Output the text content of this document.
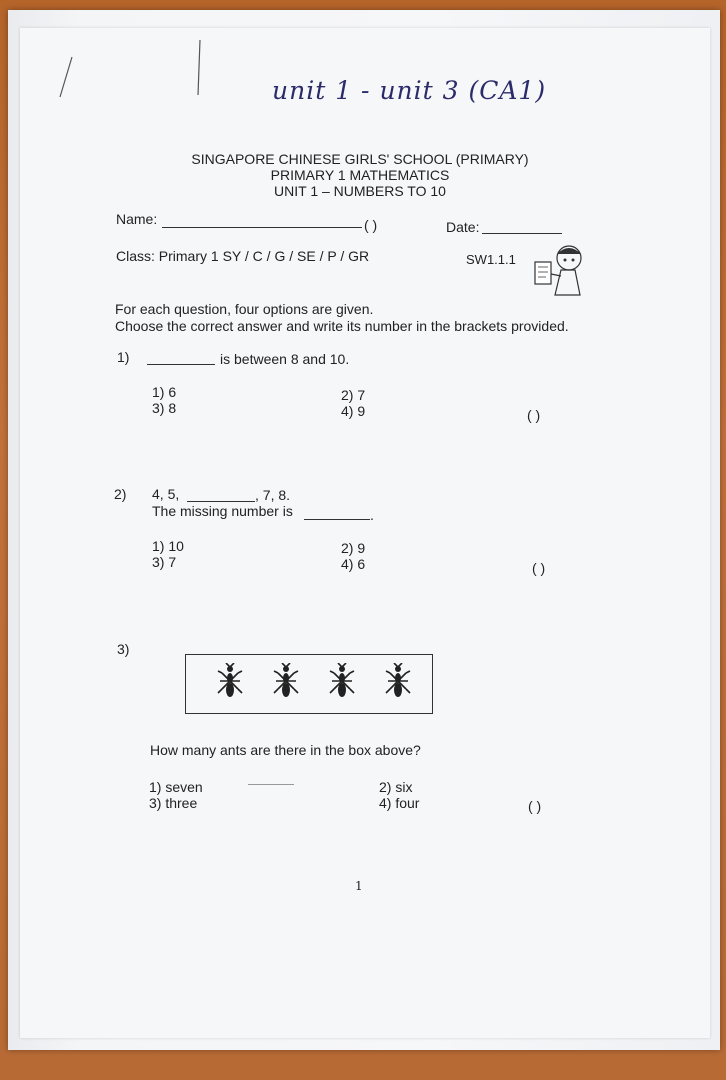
unit 1 - unit 3 (CA1)
SINGAPORE CHINESE GIRLS' SCHOOL (PRIMARY)
PRIMARY 1 MATHEMATICS
UNIT 1 – NUMBERS TO 10
Name:	( )	Date:
Class: Primary 1 SY / C / G / SE / P / GR	SW1.1.1
For each question, four options are given.
Choose the correct answer and write its number in the brackets provided.
1)	is between 8 and 10.
1) 6	2) 7
3) 8	4) 9	( )
2) 4, 5,	, 7, 8.
The missing number is	.
1) 10	2) 9
3) 7	4) 6	( )
3)
How many ants are there in the box above?
1) seven	2) six
3) three	4) four	( )
1
